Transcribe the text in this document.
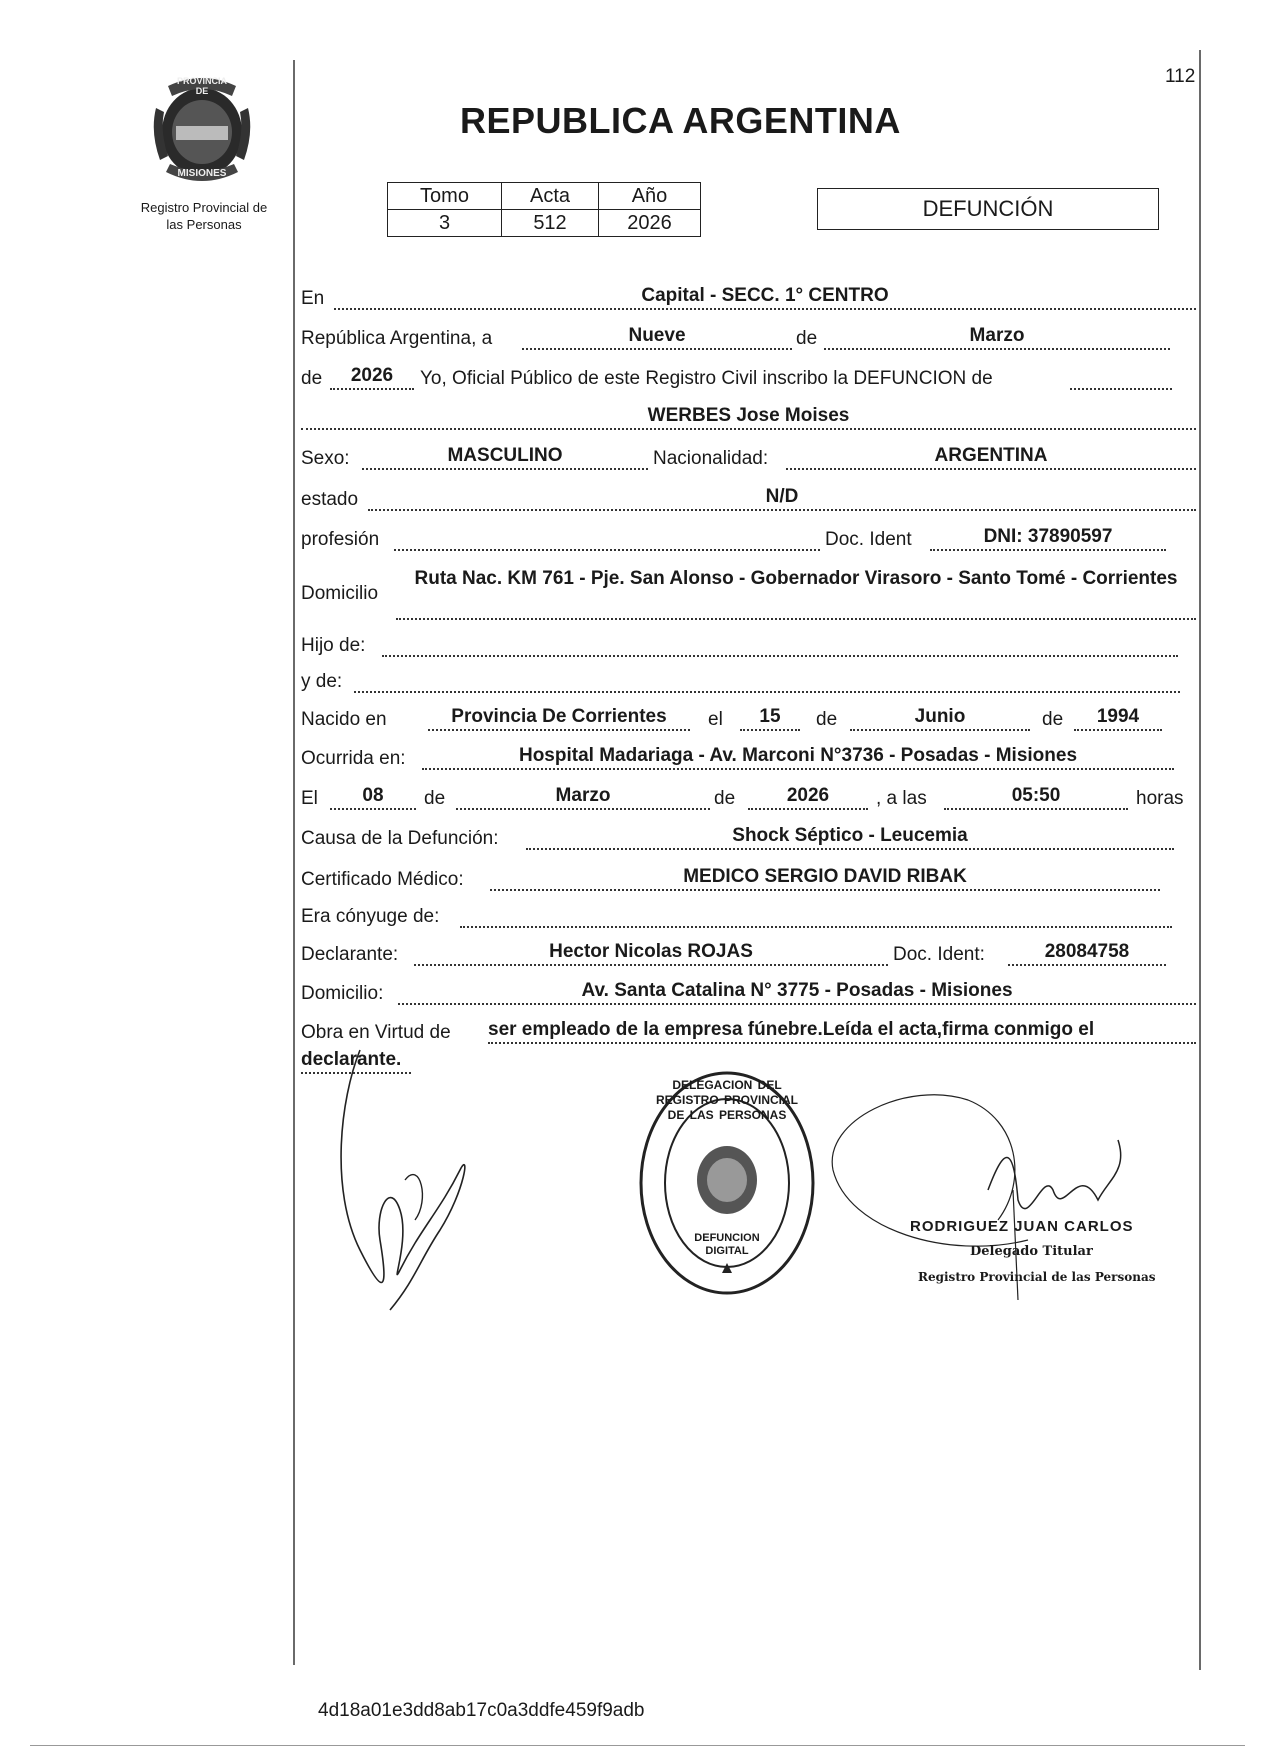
112
REPUBLICA ARGENTINA
PROVINCIA DE
MISIONES
Registro Provincial de
las Personas
Tomo	Acta	Año
3	512	2026
DEFUNCIÓN
En	Capital - SECC. 1° CENTRO
República Argentina, a	Nueve	de	Marzo
de	2026	Yo, Oficial Público de este Registro Civil inscribo la DEFUNCION de
WERBES Jose Moises
Sexo:	MASCULINO	Nacionalidad:	ARGENTINA
estado	N/D
profesión	Doc. Ident	DNI: 37890597
Domicilio
Ruta Nac. KM 761 - Pje. San Alonso - Gobernador Virasoro - Santo Tomé - Corrientes
Hijo de:
y de:
Nacido en	Provincia De Corrientes	el	15	de	Junio	de	1994
Ocurrida en:	Hospital Madariaga - Av. Marconi N°3736 - Posadas - Misiones
El	08	de	Marzo	de	2026	, a las	05:50	horas
Causa de la Defunción:	Shock Séptico - Leucemia
Certificado Médico:	MEDICO SERGIO DAVID RIBAK
Era cónyuge de:
Declarante:	Hector Nicolas ROJAS	Doc. Ident:	28084758
Domicilio:	Av. Santa Catalina N° 3775 - Posadas - Misiones
Obra en Virtud de ser empleado de la empresa fúnebre.Leída el acta,firma conmigo el
declarante.
DELEGACION DEL REGISTRO PROVINCIAL DE LAS PERSONAS
DEFUNCION DIGITAL
RODRIGUEZ JUAN CARLOS
Delegado Titular
Registro Provincial de las Personas
4d18a01e3dd8ab17c0a3ddfe459f9adb
